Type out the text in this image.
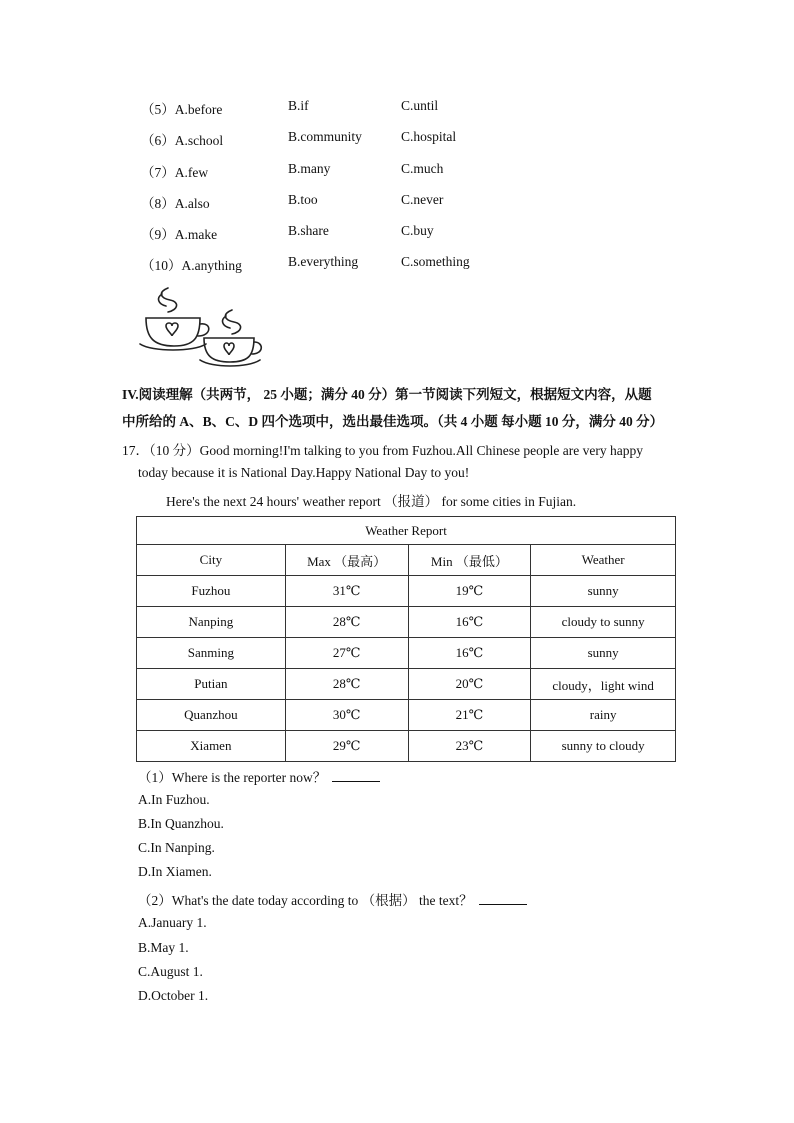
（5）A.before	B.if	C.until
（6）A.school	B.community	C.hospital
（7）A.few	B.many	C.much
（8）A.also	B.too	C.never
（9）A.make	B.share	C.buy
（10）A.anything	B.everything	C.something
IV.阅读理解（共两节， 25 小题；满分 40 分）第一节阅读下列短文，根据短文内容，从题
中所给的 A、B、C、D 四个选项中，选出最佳选项。（共 4 小题 每小题 10 分，满分 40 分）
17．（10 分）Good morning!I'm talking to you from Fuzhou.All Chinese people are very happy
today because it is National Day.Happy National Day to you!
Here's the next 24 hours' weather report （报道） for some cities in Fujian.
Weather Report			
City	Max （最高）	Min （最低）	Weather
Fuzhou	31℃	19℃	sunny
Nanping	28℃	16℃	cloudy to sunny
Sanming	27℃	16℃	sunny
Putian	28℃	20℃	cloudy，light wind
Quanzhou	30℃	21℃	rainy
Xiamen	29℃	23℃	sunny to cloudy
（1）Where is the reporter now？
A.In Fuzhou.
B.In Quanzhou.
C.In Nanping.
D.In Xiamen.
（2）What's the date today according to （根据） the text？
A.January 1.
B.May 1.
C.August 1.
D.October 1.
